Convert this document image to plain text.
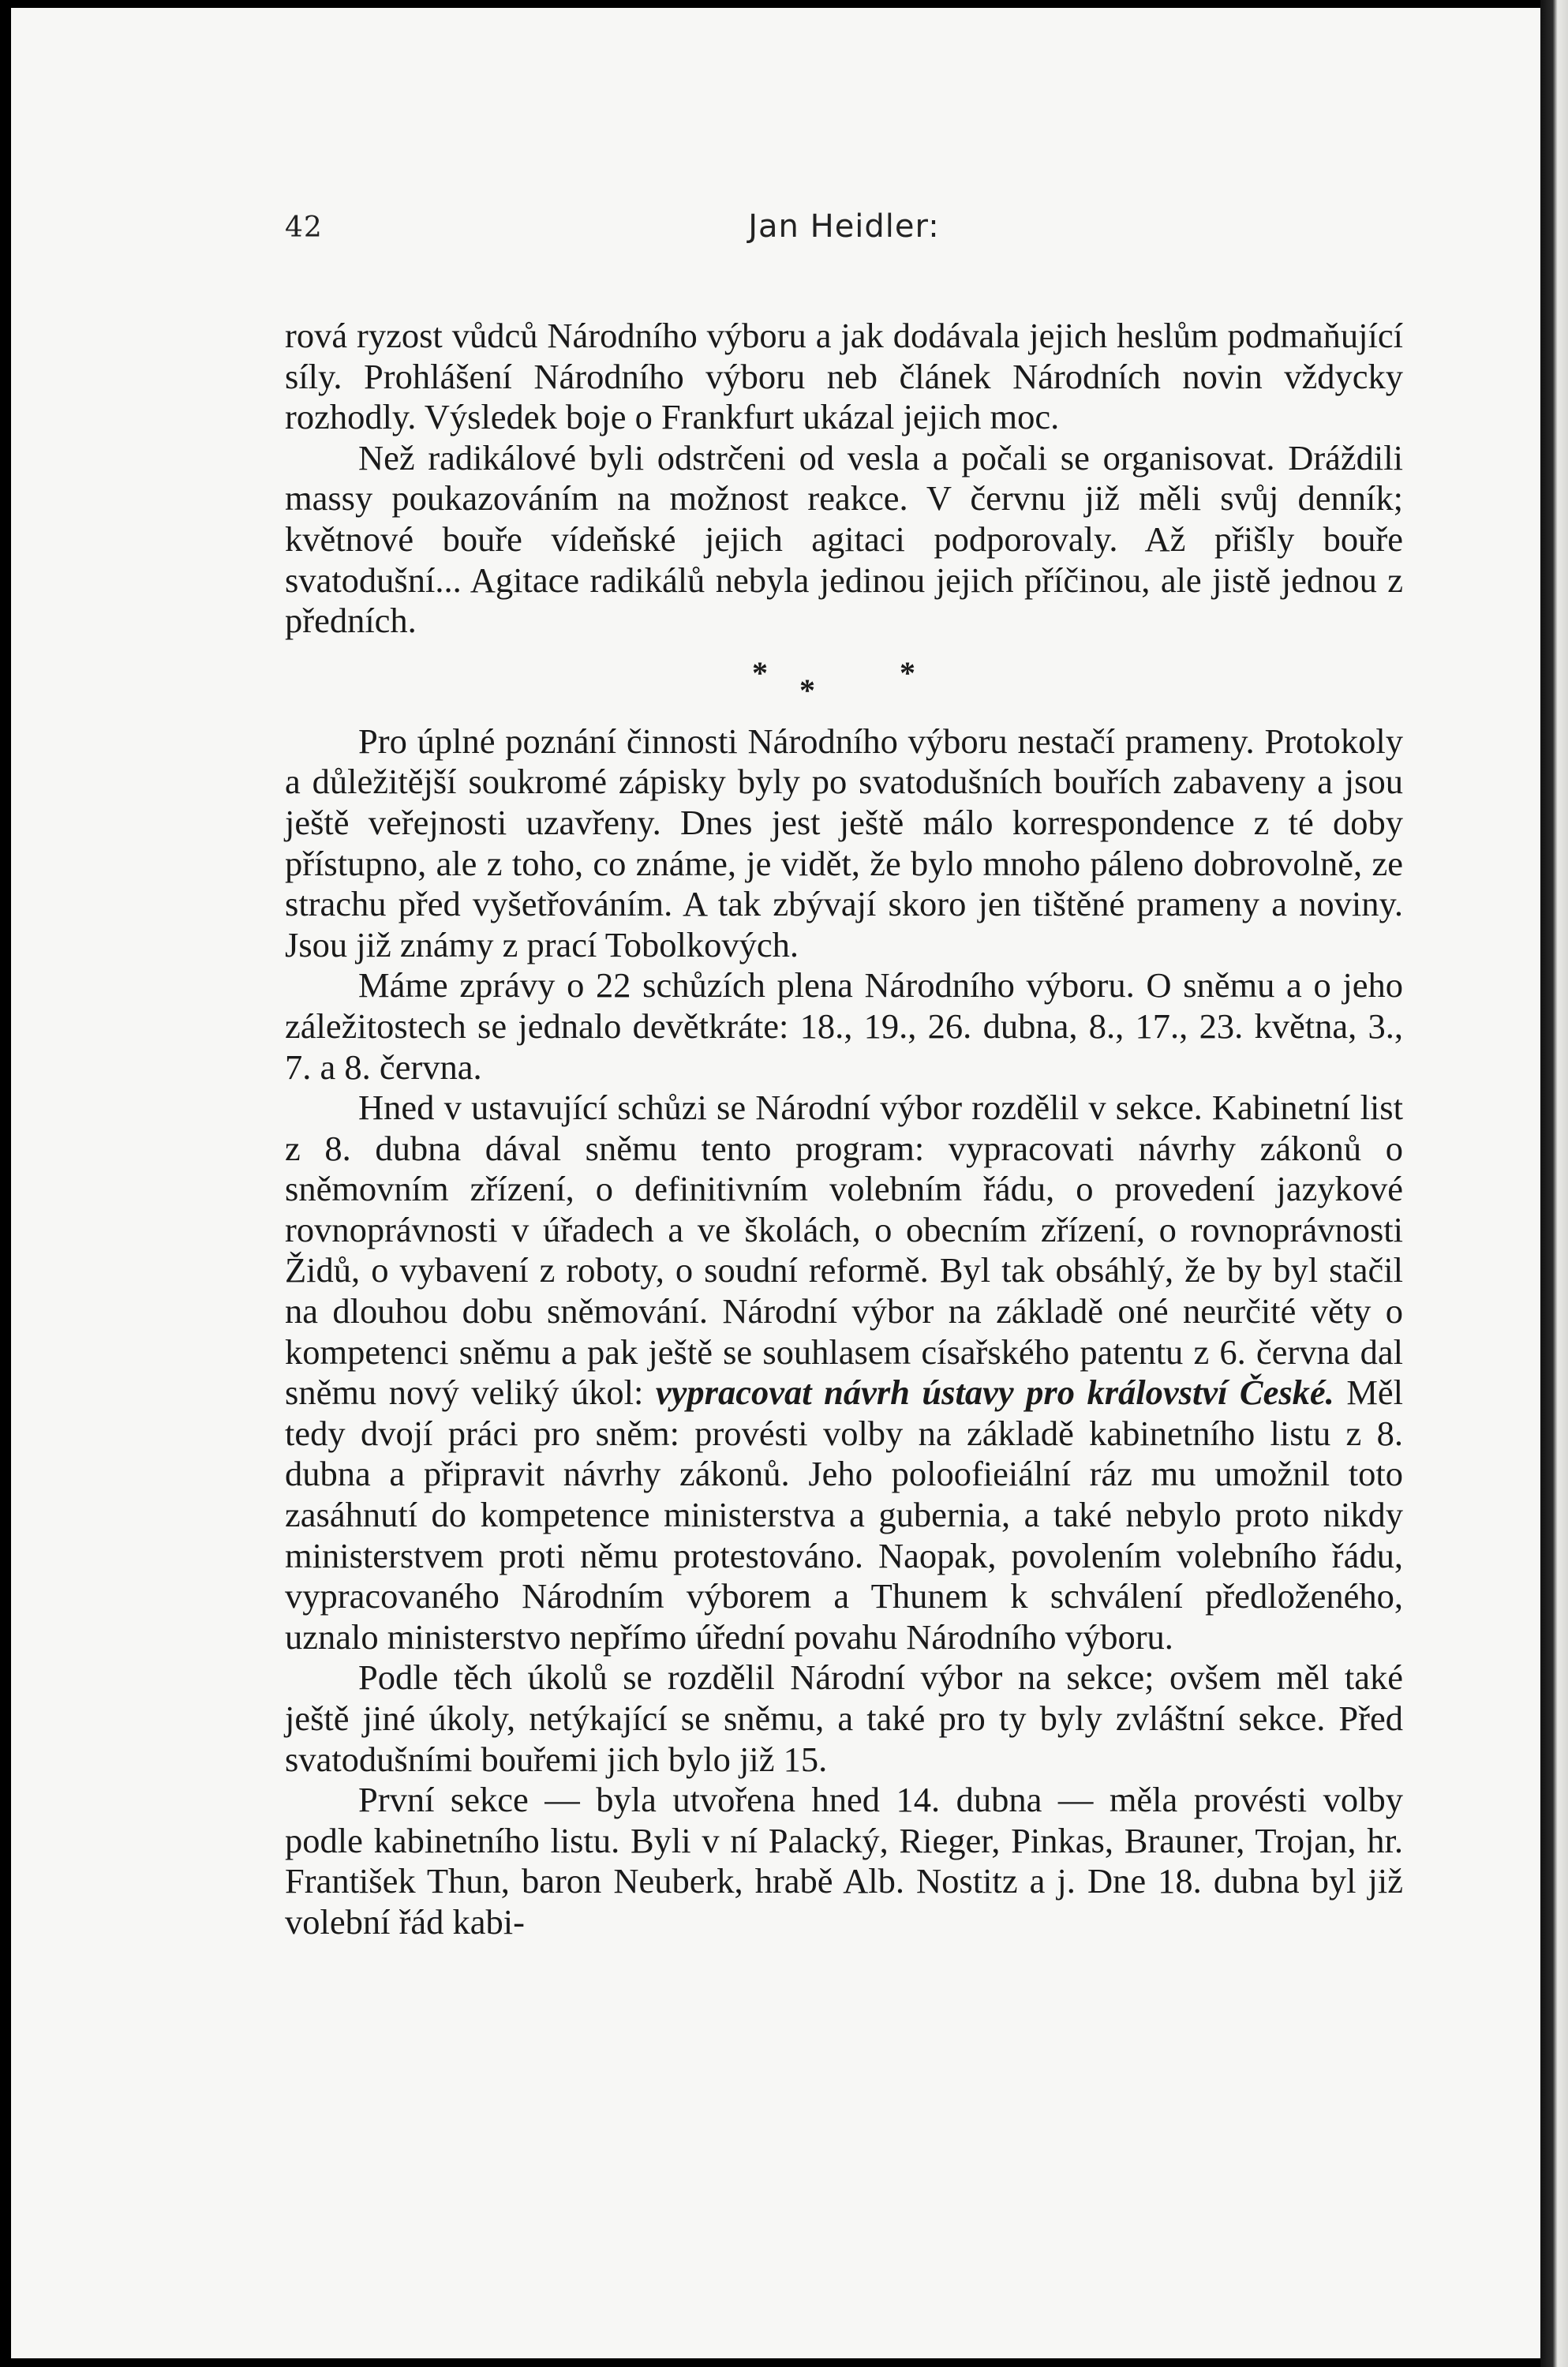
42	Jan Heidler:

rová ryzost vůdců Národního výboru a jak dodávala jejich heslům podmaňující síly. Prohlášení Národního výboru neb článek Národních novin vždycky rozhodly. Výsledek boje o Frankfurt ukázal jejich moc.

Než radikálové byli odstrčeni od vesla a počali se organisovat. Dráždili massy poukazováním na možnost reakce. V červnu již měli svůj denník; květnové bouře vídeňské jejich agitaci podporovaly. Až přišly bouře svatodušní... Agitace radikálů nebyla jedinou jejich příčinou, ale jistě jednou z předních.

* *	*

Pro úplné poznání činnosti Národního výboru nestačí prameny. Protokoly a důležitější soukromé zápisky byly po svatodušních bouřích zabaveny a jsou ještě veřejnosti uzavřeny. Dnes jest ještě málo korrespondence z té doby přístupno, ale z toho, co známe, je vidět, že bylo mnoho páleno dobrovolně, ze strachu před vyšetřováním. A tak zbývají skoro jen tištěné prameny a noviny. Jsou již známy z prací Tobolkových.

Máme zprávy o 22 schůzích plena Národního výboru. O sněmu a o jeho záležitostech se jednalo devětkráte: 18., 19., 26. dubna, 8., 17., 23. května, 3., 7. a 8. června.

Hned v ustavující schůzi se Národní výbor rozdělil v sekce. Kabinetní list z 8. dubna dával sněmu tento program: vypracovati návrhy zákonů o sněmovním zřízení, o definitivním volebním řádu, o provedení jazykové rovnoprávnosti v úřadech a ve školách, o obecním zřízení, o rovnoprávnosti Židů, o vybavení z roboty, o soudní reformě. Byl tak obsáhlý, že by byl stačil na dlouhou dobu sněmování. Národní výbor na základě oné neurčité věty o kompetenci sněmu a pak ještě se souhlasem císařského patentu z 6. června dal sněmu nový veliký úkol: vypracovat návrh ústavy pro království České. Měl tedy dvojí práci pro sněm: provésti volby na základě kabinetního listu z 8. dubna a připravit návrhy zákonů. Jeho poloofieiální ráz mu umožnil toto zasáhnutí do kompetence ministerstva a gubernia, a také nebylo proto nikdy ministerstvem proti němu protestováno. Naopak, povolením volebního řádu, vypracovaného Národním výborem a Thunem k schválení předloženého, uznalo ministerstvo nepřímo úřední povahu Národního výboru.

Podle těch úkolů se rozdělil Národní výbor na sekce; ovšem měl také ještě jiné úkoly, netýkající se sněmu, a také pro ty byly zvláštní sekce. Před svatodušními bouřemi jich bylo již 15.

První sekce — byla utvořena hned 14. dubna — měla provésti volby podle kabinetního listu. Byli v ní Palacký, Rieger, Pinkas, Brauner, Trojan, hr. František Thun, baron Neuberk, hrabě Alb. Nostitz a j. Dne 18. dubna byl již volební řád kabi-
